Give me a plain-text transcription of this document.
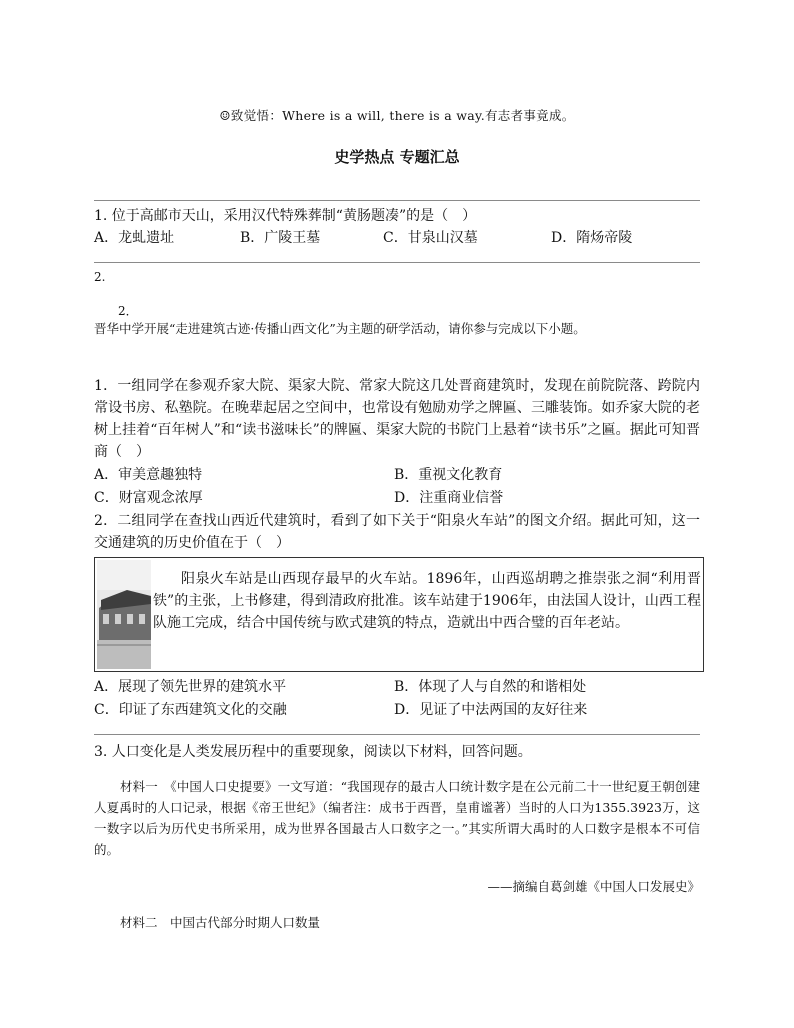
☺致觉悟：Where is a will, there is a way.有志者事竟成。
史学热点 专题汇总
1. 位于高邮市天山，采用汉代特殊葬制“黄肠题凑”的是（　）
A．龙虬遗址	B．广陵王墓	C．甘泉山汉墓	D．隋炀帝陵
2.
2．
晋华中学开展“走进建筑古迹·传播山西文化”为主题的研学活动，请你参与完成以下小题。
1．一组同学在参观乔家大院、渠家大院、常家大院这几处晋商建筑时，发现在前院院落、跨院内常设书房、私塾院。在晚辈起居之空间中，也常设有勉励劝学之牌匾、三雕装饰。如乔家大院的老树上挂着“百年树人”和“读书滋味长”的牌匾、渠家大院的书院门上悬着“读书乐”之匾。据此可知晋商（　）
A．审美意趣独特	B．重视文化教育
C．财富观念浓厚	D．注重商业信誉
2．二组同学在查找山西近代建筑时，看到了如下关于“阳泉火车站”的图文介绍。据此可知，这一交通建筑的历史价值在于（　）
阳泉火车站是山西现存最早的火车站。1896年，山西巡胡聘之推崇张之洞“利用晋铁”的主张，上书修建，得到清政府批准。该车站建于1906年，由法国人设计，山西工程队施工完成，结合中国传统与欧式建筑的特点，造就出中西合璧的百年老站。
A．展现了领先世界的建筑水平	B．体现了人与自然的和谐相处
C．印证了东西建筑文化的交融	D．见证了中法两国的友好往来
3. 人口变化是人类发展历程中的重要现象，阅读以下材料，回答问题。
材料一　《中国人口史提要》一文写道：“我国现存的最古人口统计数字是在公元前二十一世纪夏王朝创建人夏禹时的人口记录，根据《帝王世纪》（编者注：成书于西晋，皇甫谧著）当时的人口为1355.3923万，这一数字以后为历代史书所采用，成为世界各国最古人口数字之一。”其实所谓大禹时的人口数字是根本不可信的。
——摘编自葛剑雄《中国人口发展史》
材料二　中国古代部分时期人口数量
